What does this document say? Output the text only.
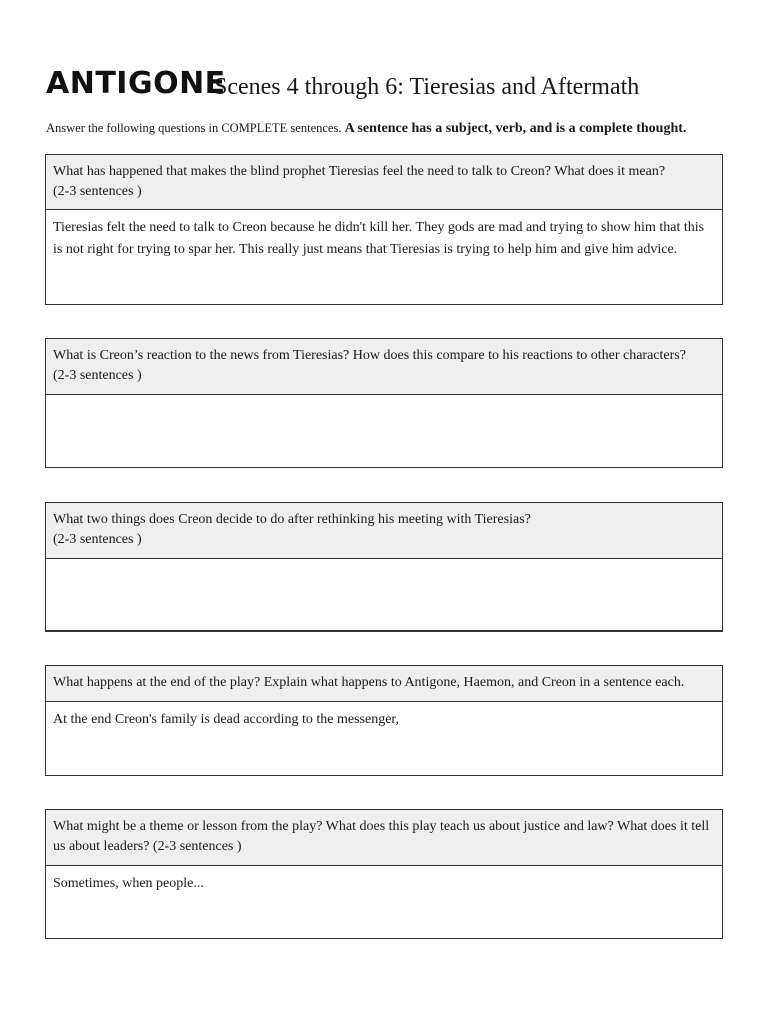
ANTIGONE
Scenes 4 through 6: Tieresias and Aftermath
Answer the following questions in COMPLETE sentences. A sentence has a subject, verb, and is a complete thought.
What has happened that makes the blind prophet Tieresias feel the need to talk to Creon? What does it mean?
(2-3 sentences )
Tieresias felt the need to talk to Creon because he didn't kill her. They gods are mad and trying to show him that this is not right for trying to spar her. This really just means that Tieresias is trying to help him and give him advice.
What is Creon’s reaction to the news from Tieresias? How does this compare to his reactions to other characters?
(2-3 sentences )
What two things does Creon decide to do after rethinking his meeting with Tieresias?
(2-3 sentences )
What happens at the end of the play? Explain what happens to Antigone, Haemon, and Creon in a sentence each.
At the end Creon's family is dead according to the messenger,
What might be a theme or lesson from the play? What does this play teach us about justice and law? What does it tell us about leaders? (2-3 sentences )
Sometimes, when people...
